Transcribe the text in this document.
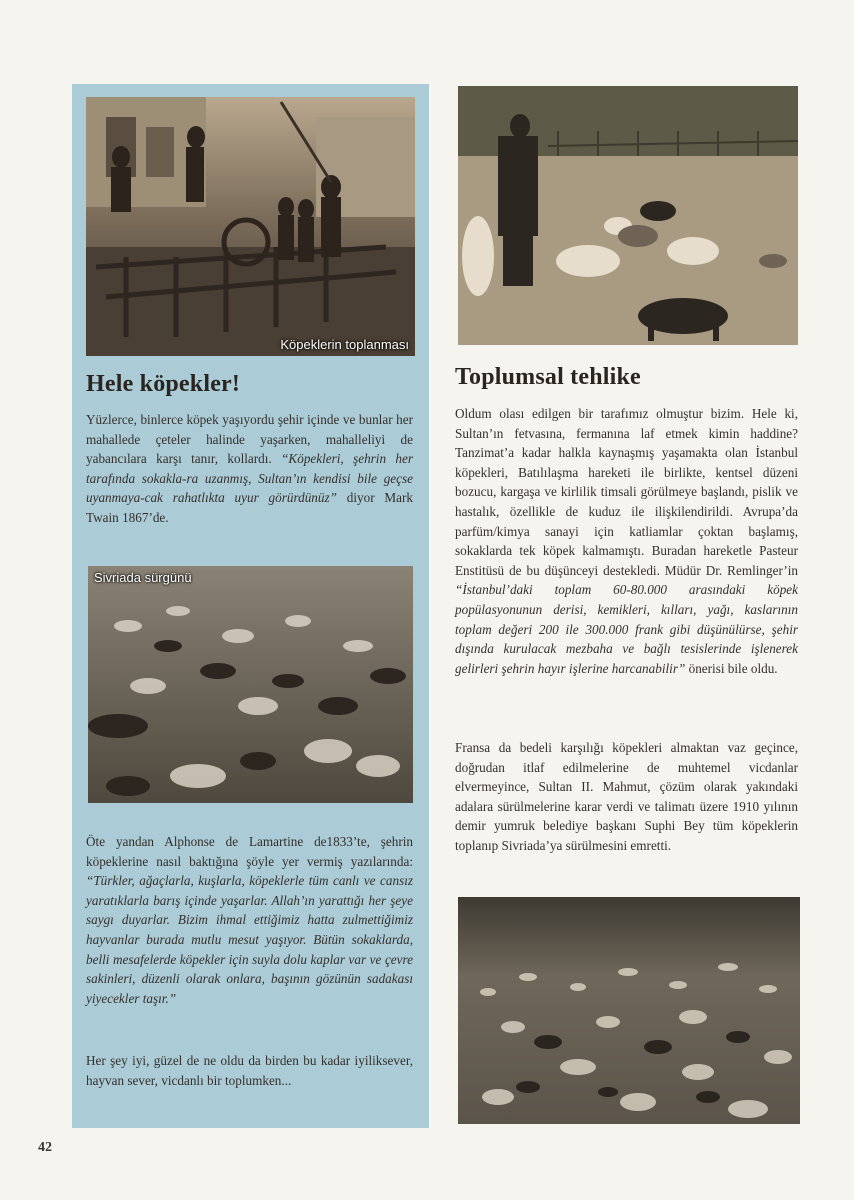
Köpeklerin toplanması
Hele köpekler!

Yüzlerce, binlerce köpek yaşıyordu şehir içinde ve bunlar her mahallede çeteler halinde yaşarken, mahalleliyi de yabancılara karşı tanır, kollardı. “Köpekleri, şehrin her tarafında sokakla-ra uzanmış, Sultan’ın kendisi bile geçse uyanmaya-cak rahatlıkta uyur görürdünüz” diyor Mark Twain 1867’de.

Sivriada sürgünü

Öte yandan Alphonse de Lamartine de1833’te, şehrin köpeklerine nasıl baktığına şöyle yer vermiş yazılarında: “Türkler, ağaçlarla, kuşlarla, köpeklerle tüm canlı ve cansız yaratıklarla barış içinde yaşarlar. Allah’ın yarattığı her şeye saygı duyarlar. Bizim ihmal ettiğimiz hatta zulmettiğimiz hayvanlar burada mutlu mesut yaşıyor. Bütün sokaklarda, belli mesafelerde köpekler için suyla dolu kaplar var ve çevre sakinleri, düzenli olarak onlara, başının gözünün sadakası yiyecekler taşır.”

Her şey iyi, güzel de ne oldu da birden bu kadar iyiliksever, hayvan sever, vicdanlı bir toplumken...

Toplumsal tehlike

Oldum olası edilgen bir tarafımız olmuştur bizim. Hele ki, Sultan’ın fetvasına, fermanına laf etmek kimin haddine? Tanzimat’a kadar halkla kaynaşmış yaşamakta olan İstanbul köpekleri, Batılılaşma hareketi ile birlikte, kentsel düzeni bozucu, kargaşa ve kirlilik timsali görülmeye başlandı, pislik ve hastalık, özellikle de kuduz ile ilişkilendirildi. Avrupa’da parfüm/kimya sanayi için katliamlar çoktan başlamış, sokaklarda tek köpek kalmamıştı. Buradan hareketle Pasteur Enstitüsü de bu düşünceyi destekledi. Müdür Dr. Remlinger’in “İstanbul’daki toplam 60-80.000 arasındaki köpek popülasyonunun derisi, kemikleri, kılları, yağı, kaslarının toplam değeri 200 ile 300.000 frank gibi düşünülürse, şehir dışında kurulacak mezbaha ve bağlı tesislerinde işlenerek gelirleri şehrin hayır işlerine harcanabilir” önerisi bile oldu.

Fransa da bedeli karşılığı köpekleri almaktan vaz geçince, doğrudan itlaf edilmelerine de muhtemel vicdanlar elvermeyince, Sultan II. Mahmut, çözüm olarak yakındaki adalara sürülmelerine karar verdi ve talimatı üzere 1910 yılının demir yumruk belediye başkanı Suphi Bey tüm köpeklerin toplanıp Sivriada’ya sürülmesini emretti.

42
